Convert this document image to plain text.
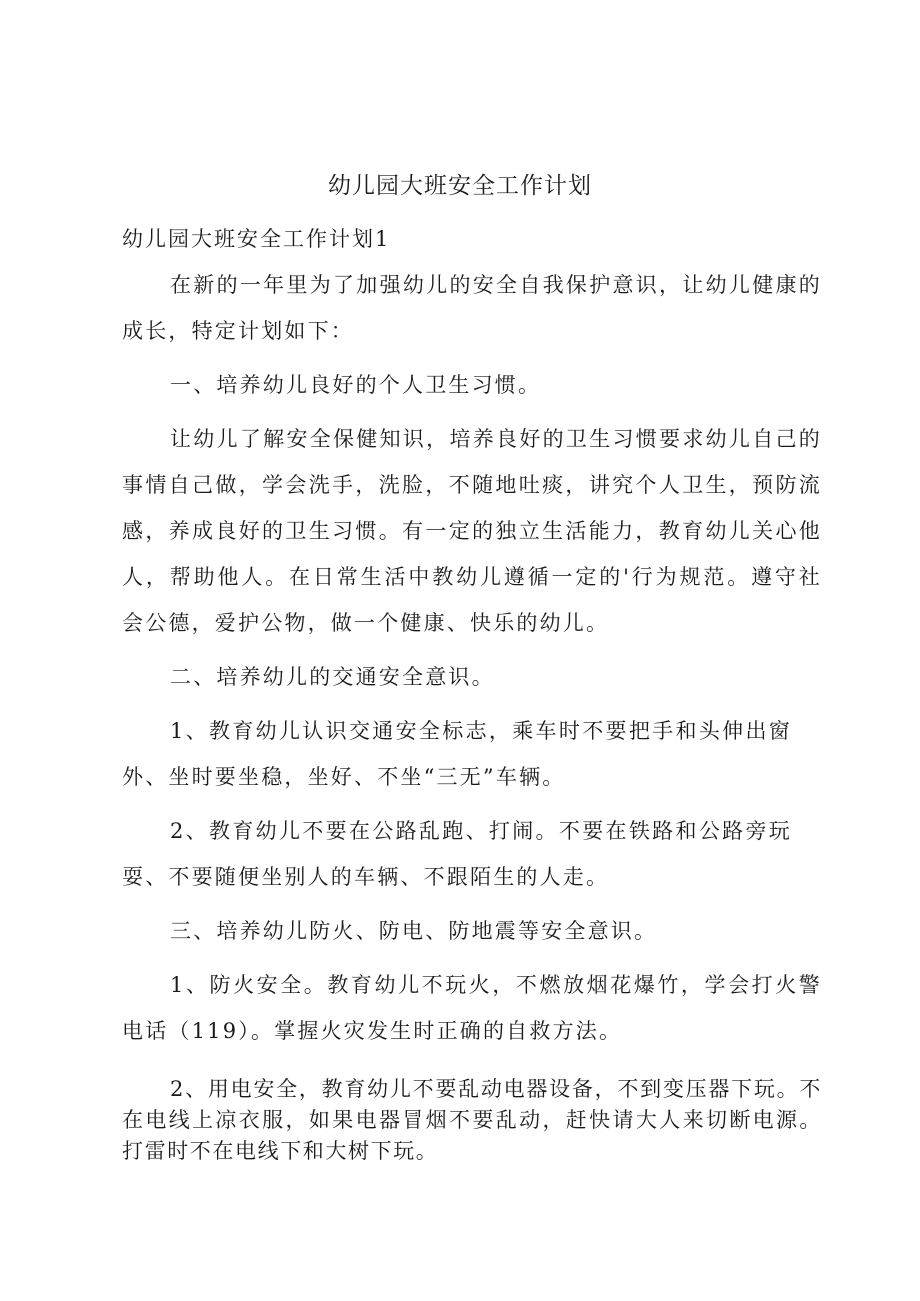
幼儿园大班安全工作计划
幼儿园大班安全工作计划1

在新的一年里为了加强幼儿的安全自我保护意识，让幼儿健康的成长，特定计划如下：

一、培养幼儿良好的个人卫生习惯。

让幼儿了解安全保健知识，培养良好的卫生习惯要求幼儿自己的事情自己做，学会洗手，洗脸，不随地吐痰，讲究个人卫生，预防流感，养成良好的卫生习惯。有一定的独立生活能力，教育幼儿关心他人，帮助他人。在日常生活中教幼儿遵循一定的'行为规范。遵守社会公德，爱护公物，做一个健康、快乐的幼儿。

二、培养幼儿的交通安全意识。

1、教育幼儿认识交通安全标志，乘车时不要把手和头伸出窗外、坐时要坐稳，坐好、不坐“三无”车辆。

2、教育幼儿不要在公路乱跑、打闹。不要在铁路和公路旁玩耍、不要随便坐别人的车辆、不跟陌生的人走。

三、培养幼儿防火、防电、防地震等安全意识。

1、防火安全。教育幼儿不玩火，不燃放烟花爆竹，学会打火警电话（119）。掌握火灾发生时正确的自救方法。

2、用电安全，教育幼儿不要乱动电器设备，不到变压器下玩。不在电线上凉衣服，如果电器冒烟不要乱动，赶快请大人来切断电源。打雷时不在电线下和大树下玩。
